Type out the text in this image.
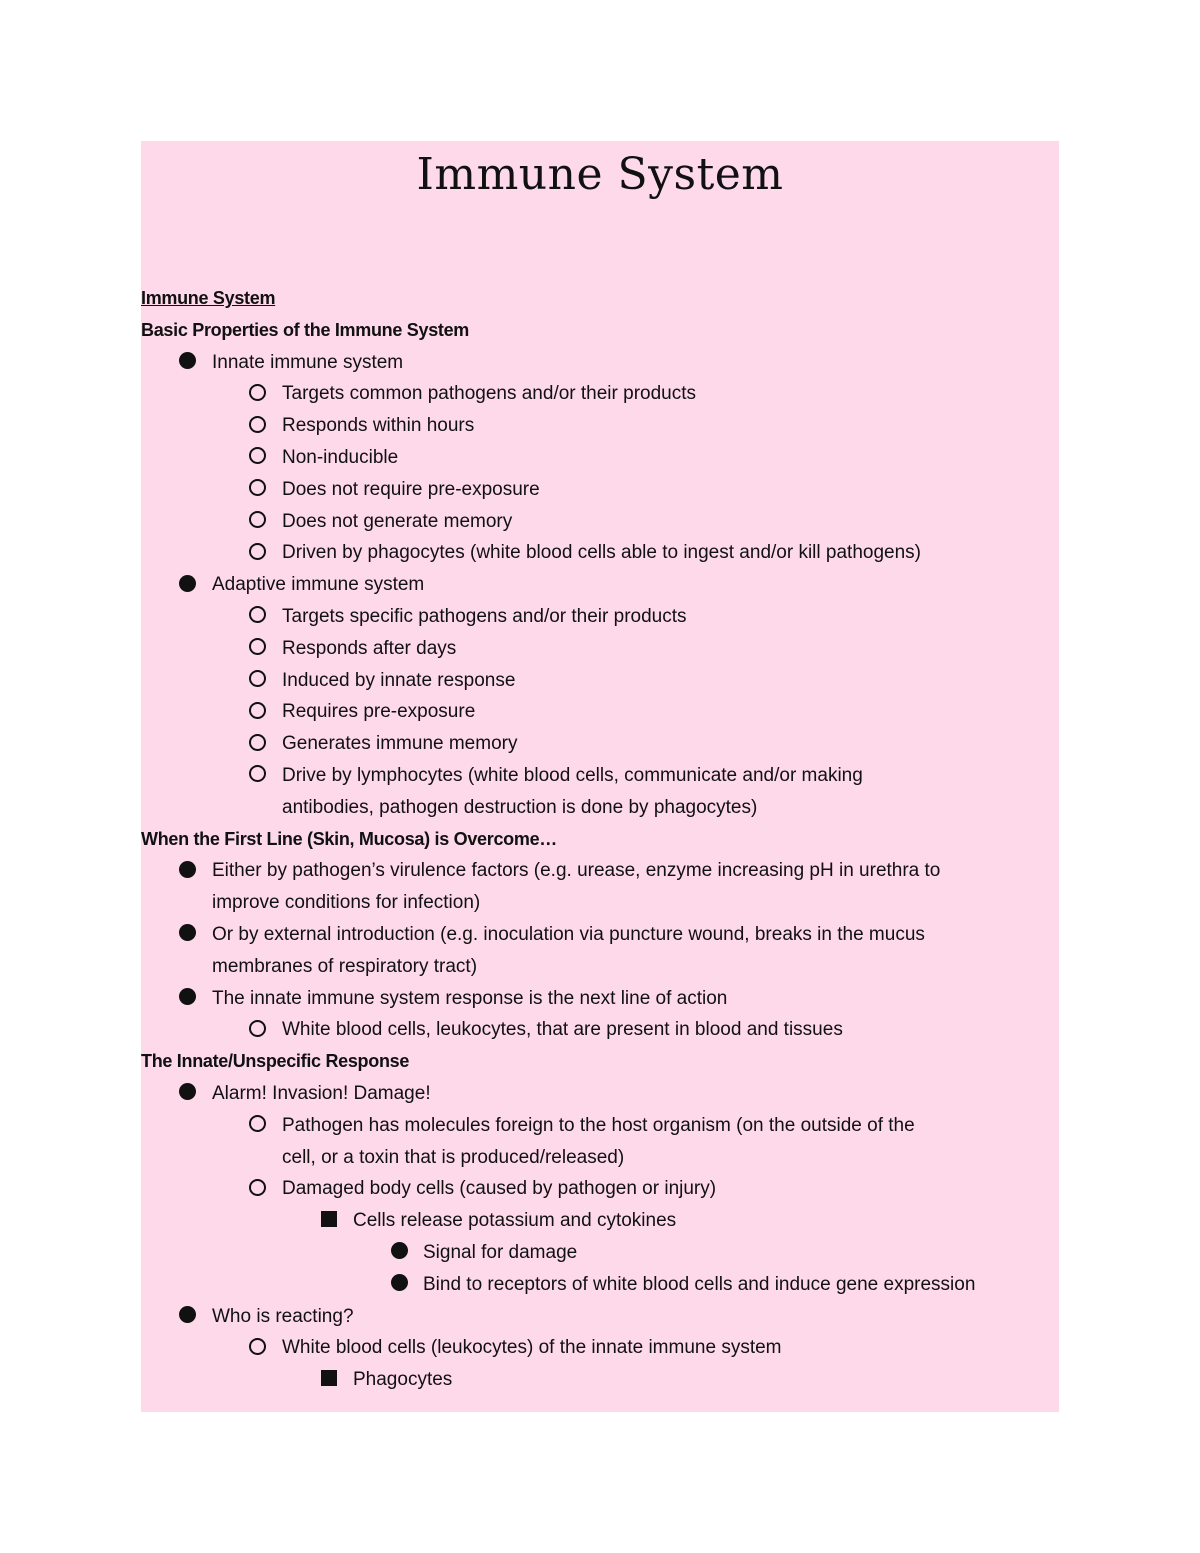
Immune System
Immune System
Basic Properties of the Immune System
Innate immune system
Targets common pathogens and/or their products
Responds within hours
Non-inducible
Does not require pre-exposure
Does not generate memory
Driven by phagocytes (white blood cells able to ingest and/or kill pathogens)
Adaptive immune system
Targets specific pathogens and/or their products
Responds after days
Induced by innate response
Requires pre-exposure
Generates immune memory
Drive by lymphocytes (white blood cells, communicate and/or making
antibodies, pathogen destruction is done by phagocytes)
When the First Line (Skin, Mucosa) is Overcome…
Either by pathogen’s virulence factors (e.g. urease, enzyme increasing pH in urethra to
improve conditions for infection)
Or by external introduction (e.g. inoculation via puncture wound, breaks in the mucus
membranes of respiratory tract)
The innate immune system response is the next line of action
White blood cells, leukocytes, that are present in blood and tissues
The Innate/Unspecific Response
Alarm! Invasion! Damage!
Pathogen has molecules foreign to the host organism (on the outside of the
cell, or a toxin that is produced/released)
Damaged body cells (caused by pathogen or injury)
Cells release potassium and cytokines
Signal for damage
Bind to receptors of white blood cells and induce gene expression
Who is reacting?
White blood cells (leukocytes) of the innate immune system
Phagocytes
